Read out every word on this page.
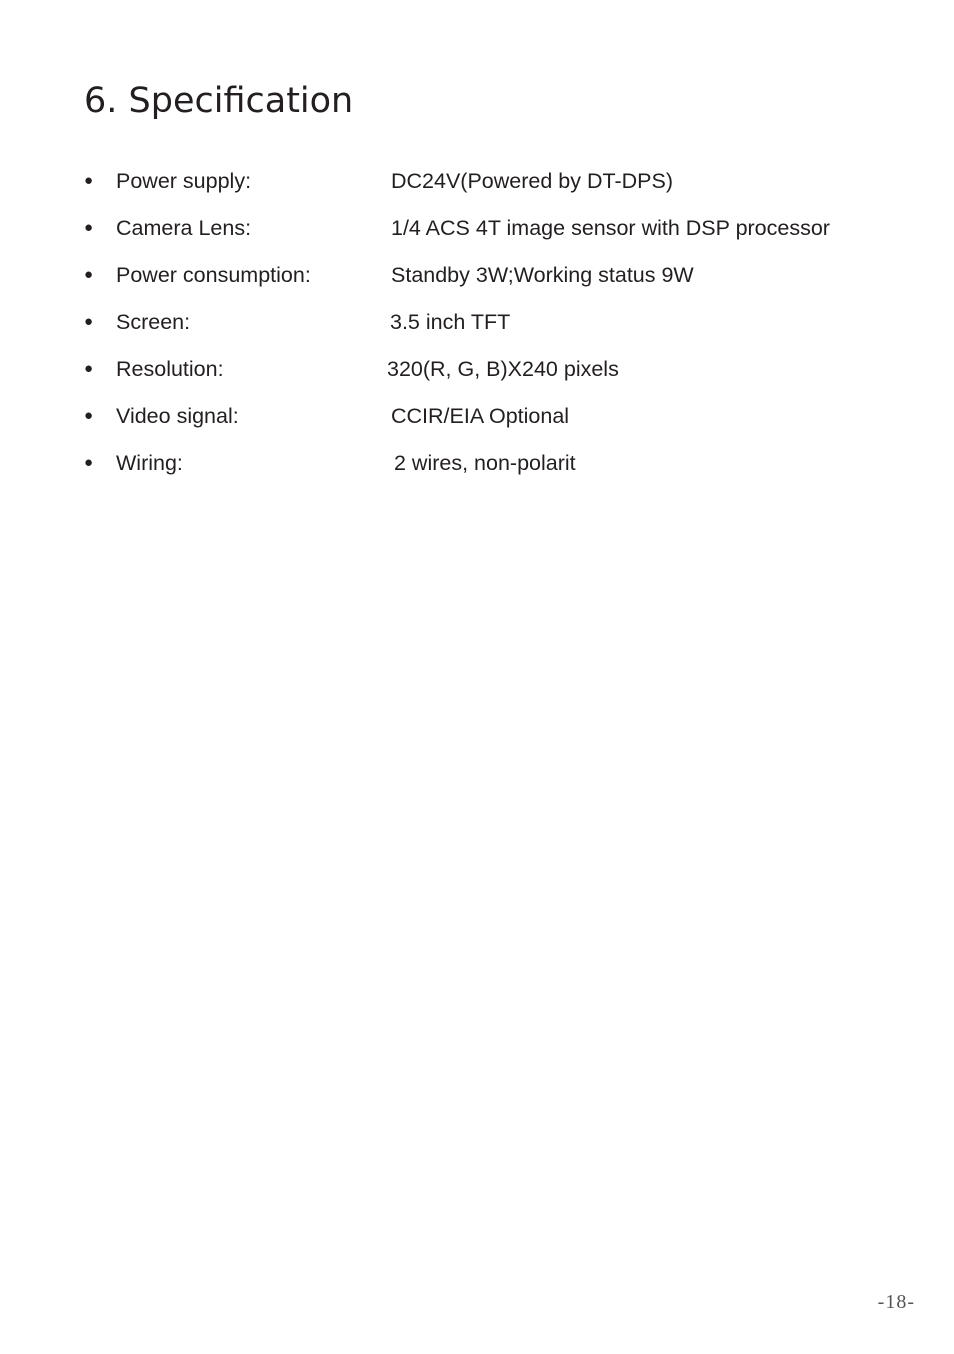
6. Specification
● Power supply:	DC24V(Powered by DT-DPS)
● Camera Lens:	1/4 ACS 4T image sensor with DSP processor
● Power consumption:	Standby 3W;Working status 9W
● Screen:	3.5 inch TFT
● Resolution:	320(R, G, B)X240 pixels
● Video signal:	CCIR/EIA Optional
● Wiring:	2 wires, non-polarit
-18-
